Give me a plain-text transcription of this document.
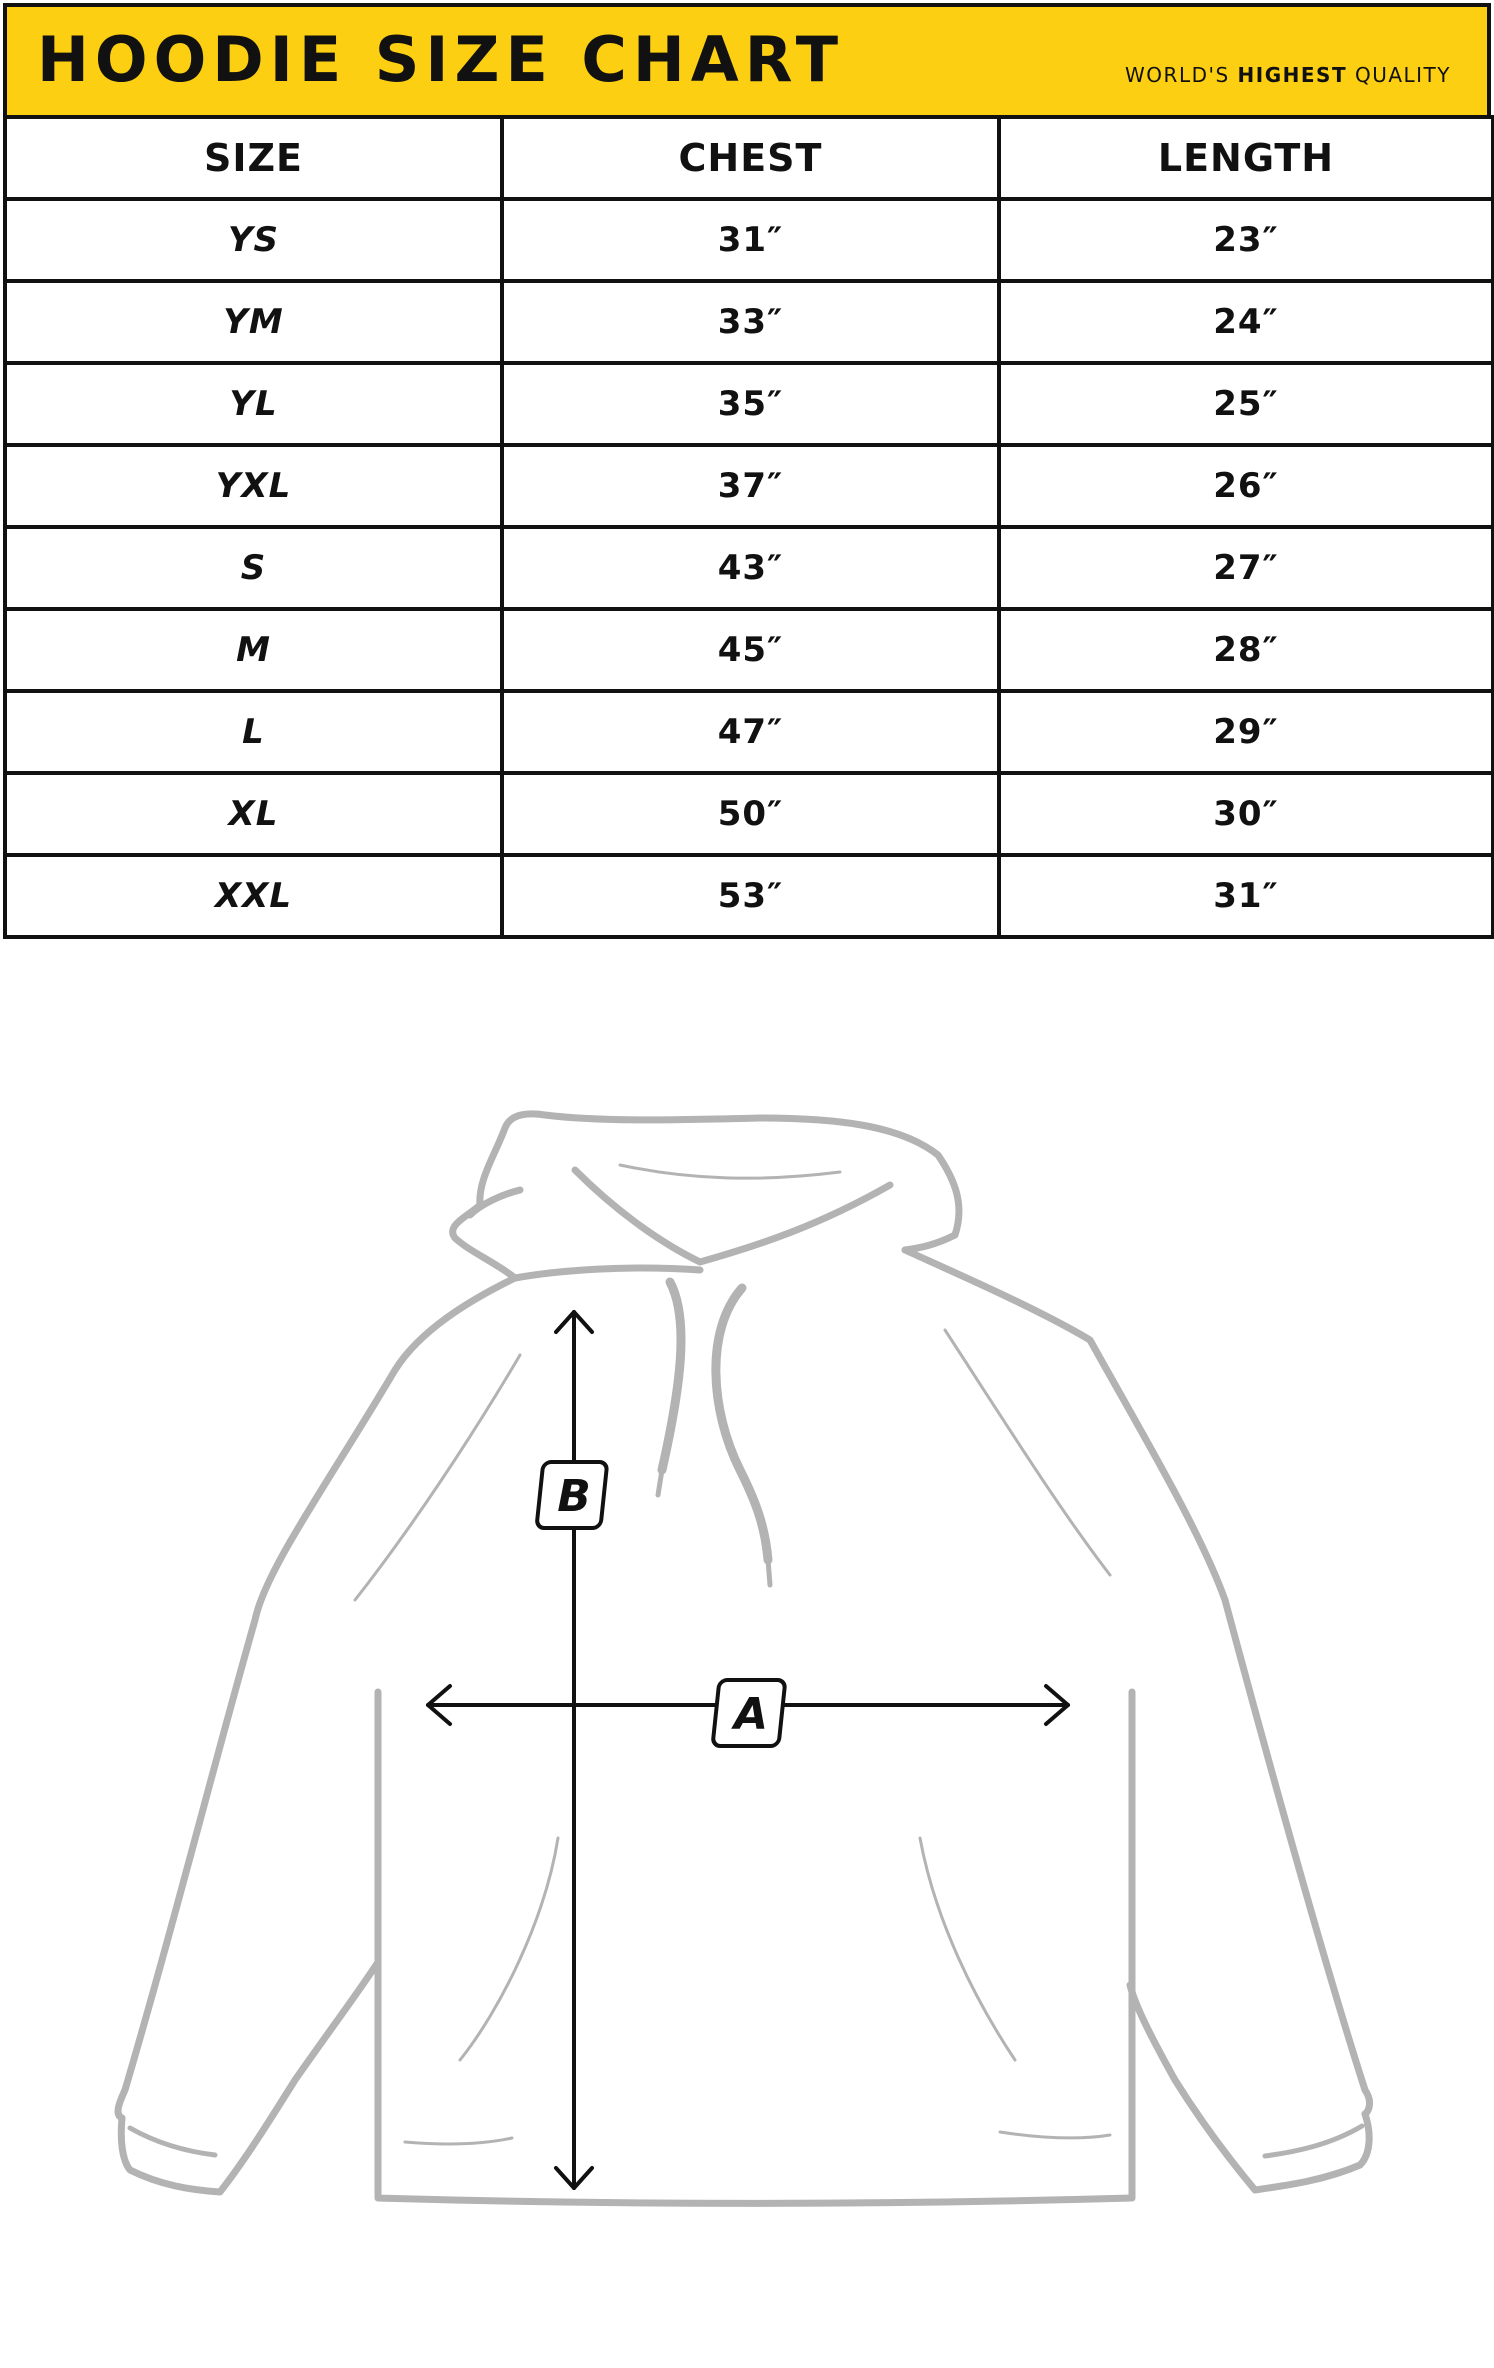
HOODIE SIZE CHART	WORLD'S HIGHEST QUALITY
SIZE	CHEST	LENGTH
YS	31″	23″
YM	33″	24″
YL	35″	25″
YXL	37″	26″
S	43″	27″
M	45″	28″
L	47″	29″
XL	50″	30″
XXL	53″	31″
B
A
